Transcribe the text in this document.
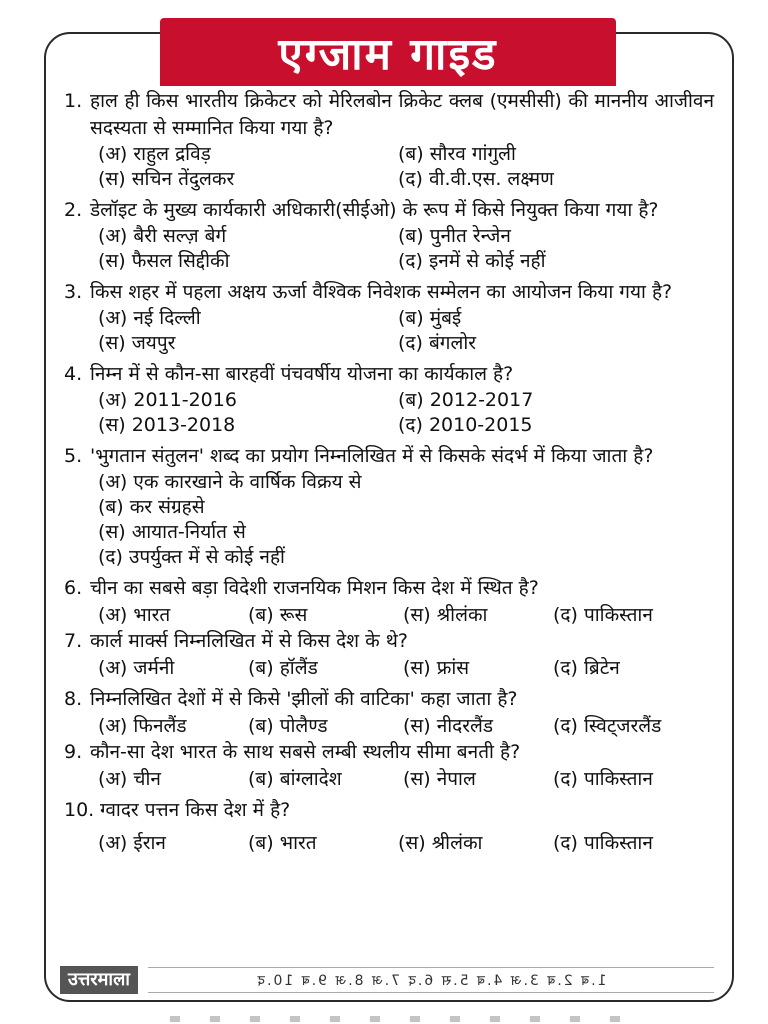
एग्जाम गाइड
1. हाल ही किस भारतीय क्रिकेटर को मेरिलबोन क्रिकेट क्लब (एमसीसी) की माननीय आजीवन सदस्यता से सम्मानित किया गया है?
(अ) राहुल द्रविड़	(ब) सौरव गांगुली
(स) सचिन तेंदुलकर	(द) वी.वी.एस. लक्ष्मण
2. डेलॉइट के मुख्य कार्यकारी अधिकारी(सीईओ) के रूप में किसे नियुक्त किया गया है?
(अ) बैरी सल्ज़ बेर्ग	(ब) पुनीत रेन्जेन
(स) फैसल सिद्दीकी	(द) इनमें से कोई नहीं
3. किस शहर में पहला अक्षय ऊर्जा वैश्विक निवेशक सम्मेलन का आयोजन किया गया है?
(अ) नई दिल्ली	(ब) मुंबई
(स) जयपुर	(द) बंगलोर
4. निम्न में से कौन-सा बारहवीं पंचवर्षीय योजना का कार्यकाल है?
(अ) 2011-2016	(ब) 2012-2017
(स) 2013-2018	(द) 2010-2015
5. 'भुगतान संतुलन' शब्द का प्रयोग निम्नलिखित में से किसके संदर्भ में किया जाता है?
(अ) एक कारखाने के वार्षिक विक्रय से
(ब) कर संग्रहसे
(स) आयात-निर्यात से
(द) उपर्युक्त में से कोई नहीं
6. चीन का सबसे बड़ा विदेशी राजनयिक मिशन किस देश में स्थित है?
(अ) भारत	(ब) रूस	(स) श्रीलंका	(द) पाकिस्तान
7. कार्ल मार्क्स निम्नलिखित में से किस देश के थे?
(अ) जर्मनी	(ब) हॉलैंड	(स) फ्रांस	(द) ब्रिटेन
8. निम्नलिखित देशों में से किसे 'झीलों की वाटिका' कहा जाता है?
(अ) फिनलैंड	(ब) पोलैण्ड	(स) नीदरलैंड	(द) स्विट्जरलैंड
9. कौन-सा देश भारत के साथ सबसे लम्बी स्थलीय सीमा बनती है?
(अ) चीन	(ब) बांग्लादेश	(स) नेपाल	(द) पाकिस्तान
10. ग्वादर पत्तन किस देश में है?
(अ) ईरान	(ब) भारत	(स) श्रीलंका	(द) पाकिस्तान
उत्तरमाला	1.ब 2.ब 3.अ 4.ब 5.स 6.द 7.अ 8.अ 9.ब 10.द
